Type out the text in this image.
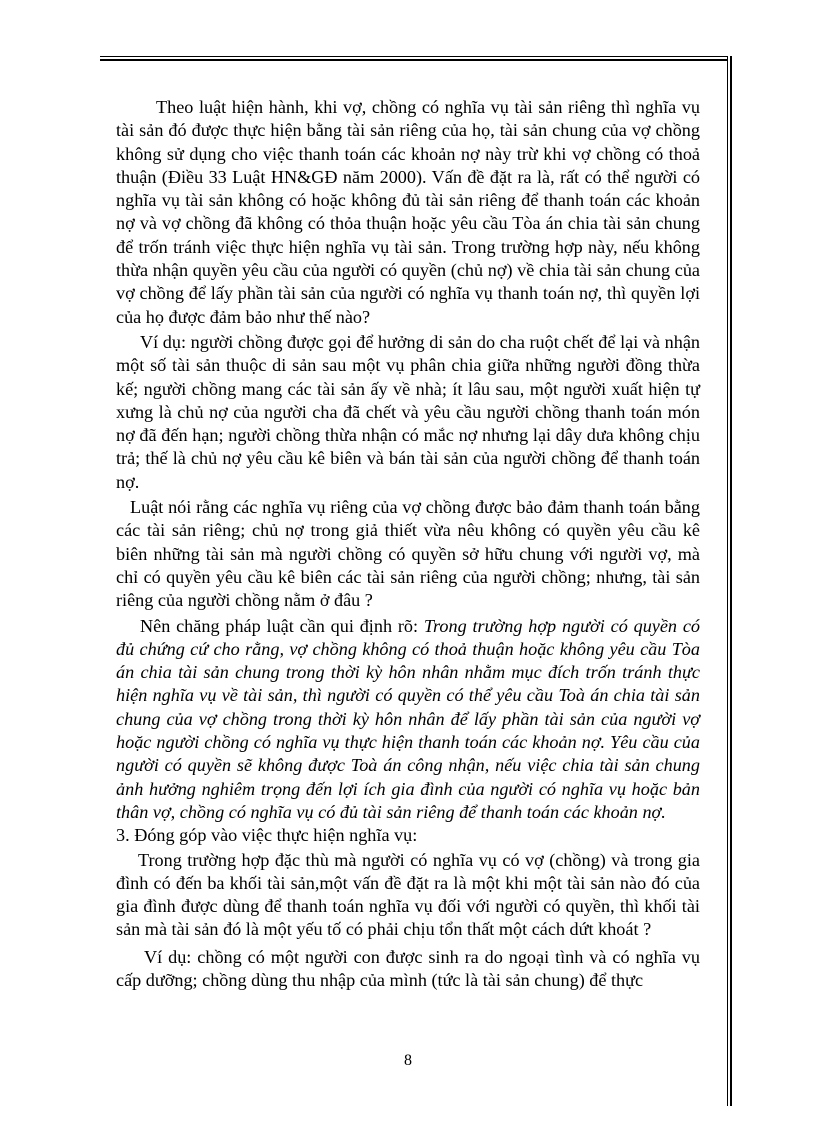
Theo luật hiện hành, khi vợ, chồng có nghĩa vụ tài sản riêng thì nghĩa vụ tài sản đó được thực hiện bằng tài sản riêng của họ, tài sản chung của vợ chồng không sử dụng cho việc thanh toán các khoản nợ này trừ khi vợ chồng có thoả thuận (Điều 33 Luật HN&GĐ năm 2000). Vấn đề đặt ra là, rất có thể người có nghĩa vụ tài sản không có hoặc không đủ tài sản riêng để thanh toán các khoản nợ và vợ chồng đã không có thỏa thuận hoặc yêu cầu Tòa án chia tài sản chung để trốn tránh việc thực hiện nghĩa vụ tài sản. Trong trường hợp này, nếu không thừa nhận quyền yêu cầu của người có quyền (chủ nợ) về chia tài sản chung của vợ chồng để lấy phần tài sản của người có nghĩa vụ thanh toán nợ, thì quyền lợi của họ được đảm bảo như thế nào?

Ví dụ: người chồng được gọi để hưởng di sản do cha ruột chết để lại và nhận một số tài sản thuộc di sản sau một vụ phân chia giữa những người đồng thừa kế; người chồng mang các tài sản ấy về nhà; ít lâu sau, một người xuất hiện tự xưng là chủ nợ của người cha đã chết và yêu cầu người chồng thanh toán món nợ đã đến hạn; người chồng thừa nhận có mắc nợ nhưng lại dây dưa không chịu trả; thế là chủ nợ yêu cầu kê biên và bán tài sản của người chồng để thanh toán nợ.

Luật nói rằng các nghĩa vụ riêng của vợ chồng được bảo đảm thanh toán bằng các tài sản riêng; chủ nợ trong giả thiết vừa nêu không có quyền yêu cầu kê biên những tài sản mà người chồng có quyền sở hữu chung với người vợ, mà chỉ có quyền yêu cầu kê biên các tài sản riêng của người chồng; nhưng, tài sản riêng của người chồng nằm ở đâu ?

Nên chăng pháp luật cần qui định rõ: Trong trường hợp người có quyền có đủ chứng cứ cho rằng, vợ chồng không có thoả thuận hoặc không yêu cầu Tòa án chia tài sản chung trong thời kỳ hôn nhân nhằm mục đích trốn tránh thực hiện nghĩa vụ về tài sản, thì người có quyền có thể yêu cầu Toà án chia tài sản chung của vợ chồng trong thời kỳ hôn nhân để lấy phần tài sản của người vợ hoặc người chồng có nghĩa vụ thực hiện thanh toán các khoản nợ. Yêu cầu của người có quyền sẽ không được Toà án công nhận, nếu việc chia tài sản chung ảnh hưởng nghiêm trọng đến lợi ích gia đình của người có nghĩa vụ hoặc bản thân vợ, chồng có nghĩa vụ có đủ tài sản riêng để thanh toán các khoản nợ.

3. Đóng góp vào việc thực hiện nghĩa vụ:

Trong trường hợp đặc thù mà người có nghĩa vụ có vợ (chồng) và trong gia đình có đến ba khối tài sản,một vấn đề đặt ra là một khi một tài sản nào đó của gia đình được dùng để thanh toán nghĩa vụ đối với người có quyền, thì khối tài sản mà tài sản đó là một yếu tố có phải chịu tổn thất một cách dứt khoát ?

Ví dụ: chồng có một người con được sinh ra do ngoại tình và có nghĩa vụ cấp dưỡng; chồng dùng thu nhập của mình (tức là tài sản chung) để thực

8
